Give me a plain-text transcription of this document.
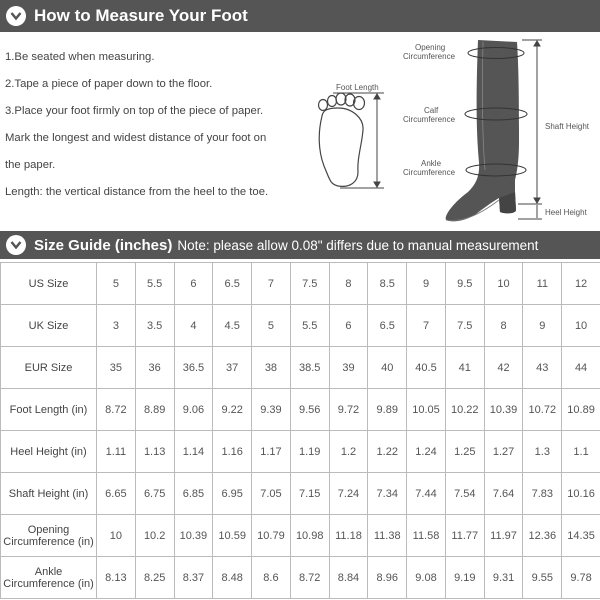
How to Measure Your Foot

1.Be seated when measuring.

2.Tape a piece of paper down to the floor.

3.Place your foot firmly on top of the piece of paper.

Mark the longest and widest distance of your foot on

the paper.

Length: the vertical distance from the heel to the toe.

Foot Length
Opening
Circumference
Calf
Circumference
Ankle
Circumference
Shaft Height
Heel Height
Size Guide (inches) Note: please allow 0.08" differs due to manual measurement
US Size	5	5.5	6	6.5	7	7.5	8	8.5	9	9.5	10	11	12

UK Size	3	3.5	4	4.5	5	5.5	6	6.5	7	7.5	8	9	10

EUR Size	35	36	36.5	37	38	38.5	39	40	40.5	41	42	43	44

Foot Length (in)	8.72	8.89	9.06	9.22	9.39	9.56	9.72	9.89	10.05	10.22	10.39	10.72	10.89

Heel Height (in)	1.11	1.13	1.14	1.16	1.17	1.19	1.2	1.22	1.24	1.25	1.27	1.3	1.1

Shaft Height (in)	6.65	6.75	6.85	6.95	7.05	7.15	7.24	7.34	7.44	7.54	7.64	7.83	10.16

Opening
Circumference (in)	10	10.2	10.39	10.59	10.79	10.98	11.18	11.38	11.58	11.77	11.97	12.36	14.35

Ankle
Circumference (in)	8.13	8.25	8.37	8.48	8.6	8.72	8.84	8.96	9.08	9.19	9.31	9.55	9.78
